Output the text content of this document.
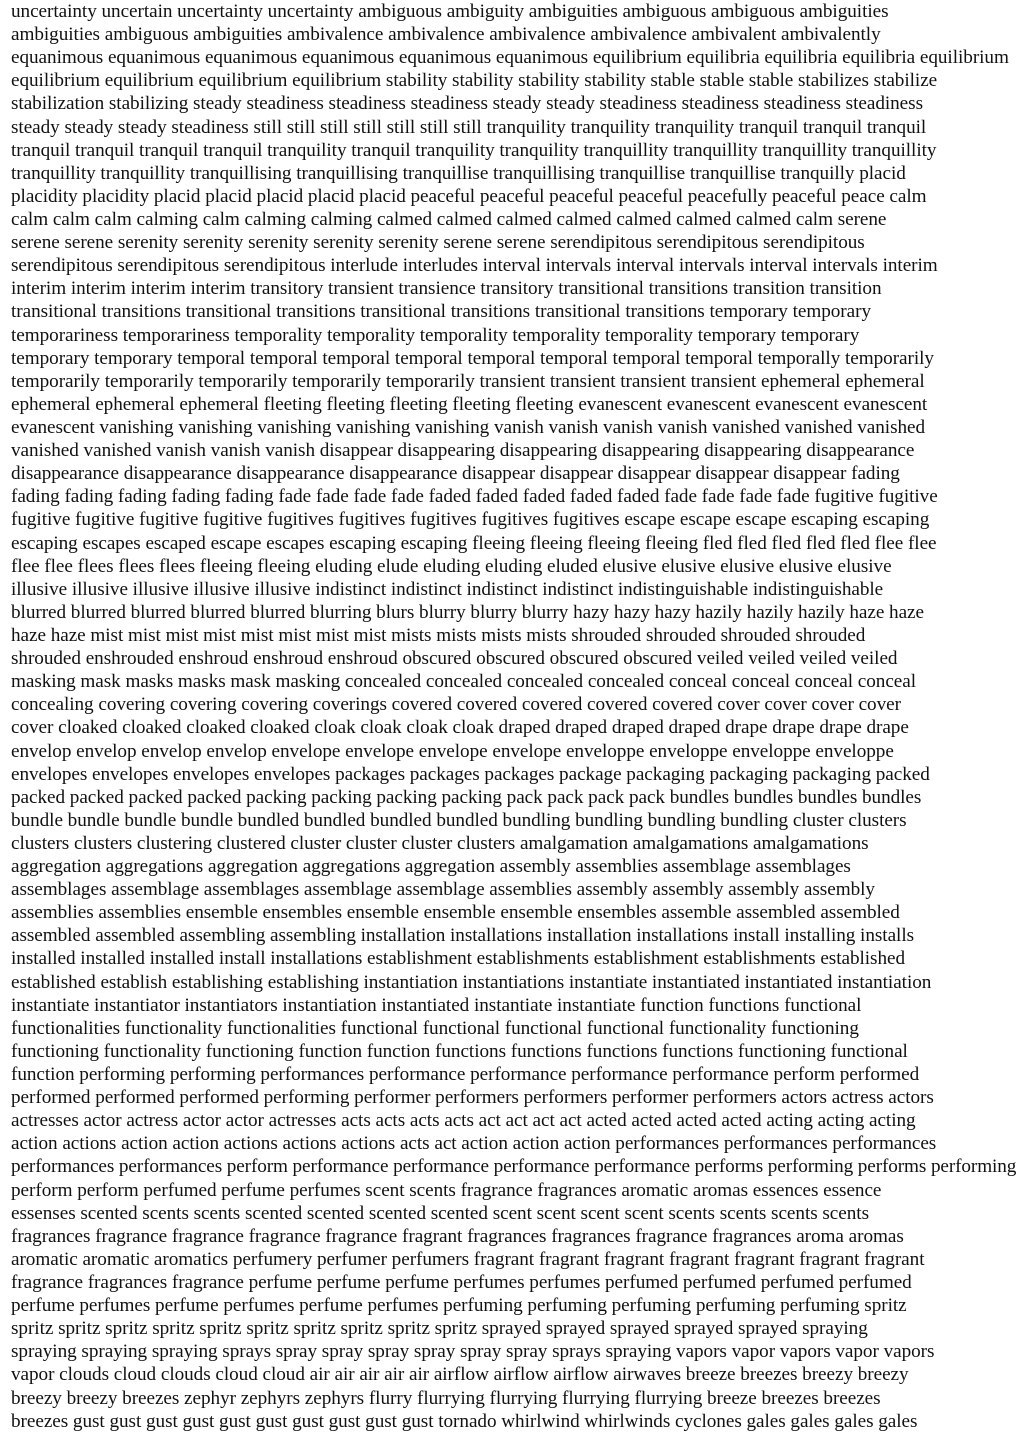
uncertainty uncertain uncertainty uncertainty ambiguous ambiguity ambiguities ambiguous ambiguous ambiguities
ambiguities ambiguous ambiguities ambivalence ambivalence ambivalence ambivalence ambivalent ambivalently
equanimous equanimous equanimous equanimous equanimous equanimous equilibrium equilibria equilibria equilibria equilibrium
equilibrium equilibrium equilibrium equilibrium stability stability stability stability stable stable stable stabilizes stabilize
stabilization stabilizing steady steadiness steadiness steadiness steady steady steadiness steadiness steadiness steadiness
steady steady steady steadiness still still still still still still still tranquility tranquility tranquility tranquil tranquil tranquil
tranquil tranquil tranquil tranquil tranquility tranquil tranquility tranquility tranquillity tranquillity tranquillity tranquillity
tranquillity tranquillity tranquillising tranquillising tranquillise tranquillising tranquillise tranquillise tranquilly placid
placidity placidity placid placid placid placid placid peaceful peaceful peaceful peaceful peacefully peaceful peace calm
calm calm calm calming calm calming calming calmed calmed calmed calmed calmed calmed calmed calm serene
serene serene serenity serenity serenity serenity serenity serene serene serendipitous serendipitous serendipitous
serendipitous serendipitous serendipitous interlude interludes interval intervals interval intervals interval intervals interim
interim interim interim interim transitory transient transience transitory transitional transitions transition transition
transitional transitions transitional transitions transitional transitions transitional transitions temporary temporary
temporariness temporariness temporality temporality temporality temporality temporality temporary temporary
temporary temporary temporal temporal temporal temporal temporal temporal temporal temporal temporally temporarily
temporarily temporarily temporarily temporarily temporarily transient transient transient transient ephemeral ephemeral
ephemeral ephemeral ephemeral fleeting fleeting fleeting fleeting fleeting evanescent evanescent evanescent evanescent
evanescent vanishing vanishing vanishing vanishing vanishing vanish vanish vanish vanish vanished vanished vanished
vanished vanished vanish vanish vanish disappear disappearing disappearing disappearing disappearing disappearance
disappearance disappearance disappearance disappearance disappear disappear disappear disappear disappear fading
fading fading fading fading fading fade fade fade fade faded faded faded faded faded fade fade fade fade fugitive fugitive
fugitive fugitive fugitive fugitive fugitives fugitives fugitives fugitives fugitives escape escape escape escaping escaping
escaping escapes escaped escape escapes escaping escaping fleeing fleeing fleeing fleeing fled fled fled fled fled flee flee
flee flee flees flees flees fleeing fleeing eluding elude eluding eluding eluded elusive elusive elusive elusive elusive
illusive illusive illusive illusive illusive indistinct indistinct indistinct indistinct indistinguishable indistinguishable
blurred blurred blurred blurred blurred blurring blurs blurry blurry blurry hazy hazy hazy hazily hazily hazily haze haze
haze haze mist mist mist mist mist mist mist mist mists mists mists mists shrouded shrouded shrouded shrouded
shrouded enshrouded enshroud enshroud enshroud obscured obscured obscured obscured veiled veiled veiled veiled
masking mask masks masks mask masking concealed concealed concealed concealed conceal conceal conceal conceal
concealing covering covering covering coverings covered covered covered covered covered cover cover cover cover
cover cloaked cloaked cloaked cloaked cloak cloak cloak cloak draped draped draped draped drape drape drape drape
envelop envelop envelop envelop envelope envelope envelope envelope enveloppe enveloppe enveloppe enveloppe
envelopes envelopes envelopes envelopes packages packages packages package packaging packaging packaging packed
packed packed packed packed packing packing packing packing pack pack pack pack bundles bundles bundles bundles
bundle bundle bundle bundle bundled bundled bundled bundled bundling bundling bundling bundling cluster clusters
clusters clusters clustering clustered cluster cluster cluster clusters amalgamation amalgamations amalgamations
aggregation aggregations aggregation aggregations aggregation assembly assemblies assemblage assemblages
assemblages assemblage assemblages assemblage assemblage assemblies assembly assembly assembly assembly
assemblies assemblies ensemble ensembles ensemble ensemble ensemble ensembles assemble assembled assembled
assembled assembled assembling assembling installation installations installation installations install installing installs
installed installed installed install installations establishment establishments establishment establishments established
established establish establishing establishing instantiation instantiations instantiate instantiated instantiated instantiation
instantiate instantiator instantiators instantiation instantiated instantiate instantiate function functions functional
functionalities functionality functionalities functional functional functional functional functionality functioning
functioning functionality functioning function function functions functions functions functions functioning functional
function performing performing performances performance performance performance performance perform performed
performed performed performed performing performer performers performers performer performers actors actress actors
actresses actor actress actor actor actresses acts acts acts acts act act act act acted acted acted acted acting acting acting
action actions action action actions actions actions acts act action action action performances performances performances
performances performances perform performance performance performance performance performs performing performs performing
perform perform perfumed perfume perfumes scent scents fragrance fragrances aromatic aromas essences essence
essenses scented scents scents scented scented scented scented scent scent scent scent scents scents scents scents
fragrances fragrance fragrance fragrance fragrance fragrant fragrances fragrances fragrance fragrances aroma aromas
aromatic aromatic aromatics perfumery perfumer perfumers fragrant fragrant fragrant fragrant fragrant fragrant fragrant
fragrance fragrances fragrance perfume perfume perfume perfumes perfumes perfumed perfumed perfumed perfumed
perfume perfumes perfume perfumes perfume perfumes perfuming perfuming perfuming perfuming perfuming spritz
spritz spritz spritz spritz spritz spritz spritz spritz spritz spritz sprayed sprayed sprayed sprayed sprayed spraying
spraying spraying spraying sprays spray spray spray spray spray spray sprays spraying vapors vapor vapors vapor vapors
vapor clouds cloud clouds cloud cloud air air air air air airflow airflow airflow airwaves breeze breezes breezy breezy
breezy breezy breezes zephyr zephyrs zephyrs flurry flurrying flurrying flurrying flurrying breeze breezes breezes
breezes gust gust gust gust gust gust gust gust gust gust tornado whirlwind whirlwinds cyclones gales gales gales gales
